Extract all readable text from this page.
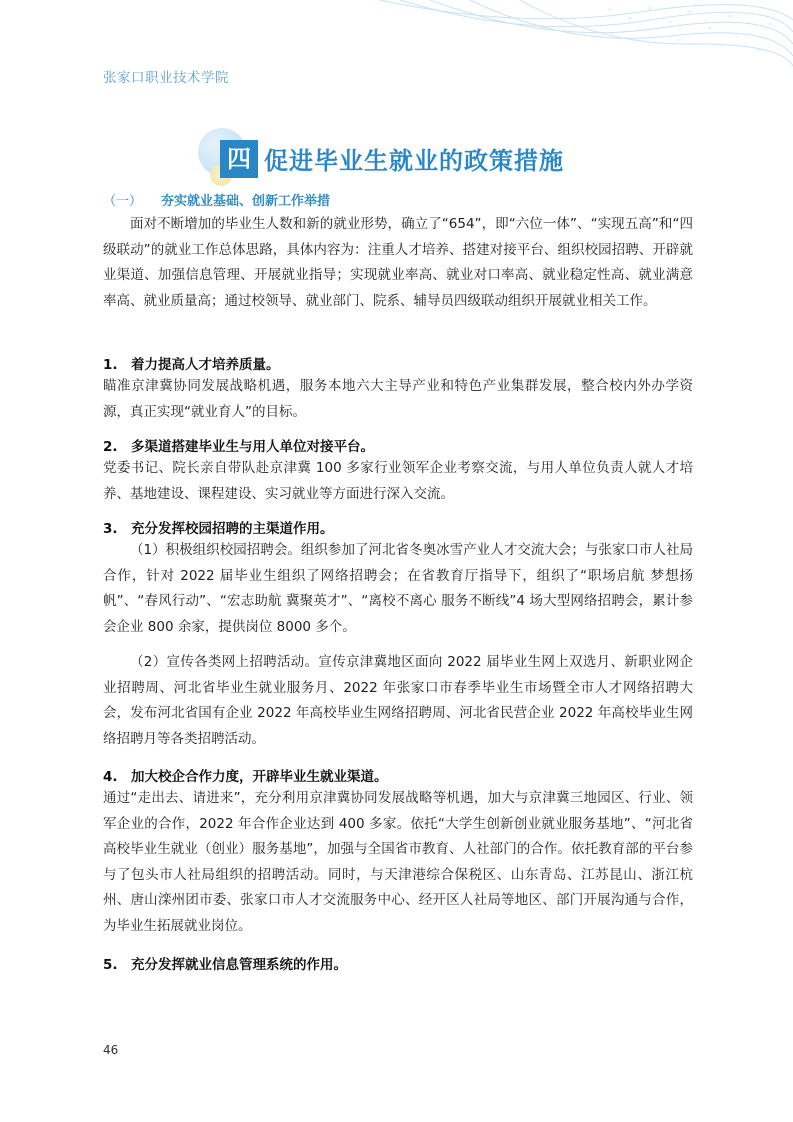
张家口职业技术学院
四 促进毕业生就业的政策措施
（一） 夯实就业基础、创新工作举措

面对不断增加的毕业生人数和新的就业形势，确立了“654”，即“六位一体”、“实现五高”和“四级联动”的就业工作总体思路，具体内容为：注重人才培养、搭建对接平台、组织校园招聘、开辟就业渠道、加强信息管理、开展就业指导；实现就业率高、就业对口率高、就业稳定性高、就业满意率高、就业质量高；通过校领导、就业部门、院系、辅导员四级联动组织开展就业相关工作。

1. 着力提高人才培养质量。

瞄准京津冀协同发展战略机遇，服务本地六大主导产业和特色产业集群发展，整合校内外办学资源，真正实现“就业育人”的目标。

2. 多渠道搭建毕业生与用人单位对接平台。

党委书记、院长亲自带队赴京津冀 100 多家行业领军企业考察交流，与用人单位负责人就人才培养、基地建设、课程建设、实习就业等方面进行深入交流。

3. 充分发挥校园招聘的主渠道作用。

（1）积极组织校园招聘会。组织参加了河北省冬奥冰雪产业人才交流大会；与张家口市人社局合作，针对 2022 届毕业生组织了网络招聘会；在省教育厅指导下，组织了“职场启航 梦想扬帆”、“春风行动”、“宏志助航 冀聚英才”、“离校不离心 服务不断线”4 场大型网络招聘会，累计参会企业 800 余家，提供岗位 8000 多个。

（2）宣传各类网上招聘活动。宣传京津冀地区面向 2022 届毕业生网上双选月、新职业网企业招聘周、河北省毕业生就业服务月、2022 年张家口市春季毕业生市场暨全市人才网络招聘大会，发布河北省国有企业 2022 年高校毕业生网络招聘周、河北省民营企业 2022 年高校毕业生网络招聘月等各类招聘活动。

4. 加大校企合作力度，开辟毕业生就业渠道。

通过“走出去、请进来”，充分利用京津冀协同发展战略等机遇，加大与京津冀三地园区、行业、领军企业的合作，2022 年合作企业达到 400 多家。依托“大学生创新创业就业服务基地”、“河北省高校毕业生就业（创业）服务基地”，加强与全国省市教育、人社部门的合作。依托教育部的平台参与了包头市人社局组织的招聘活动。同时，与天津港综合保税区、山东青岛、江苏昆山、浙江杭州、唐山滦州团市委、张家口市人才交流服务中心、经开区人社局等地区、部门开展沟通与合作，为毕业生拓展就业岗位。

5. 充分发挥就业信息管理系统的作用。
46
